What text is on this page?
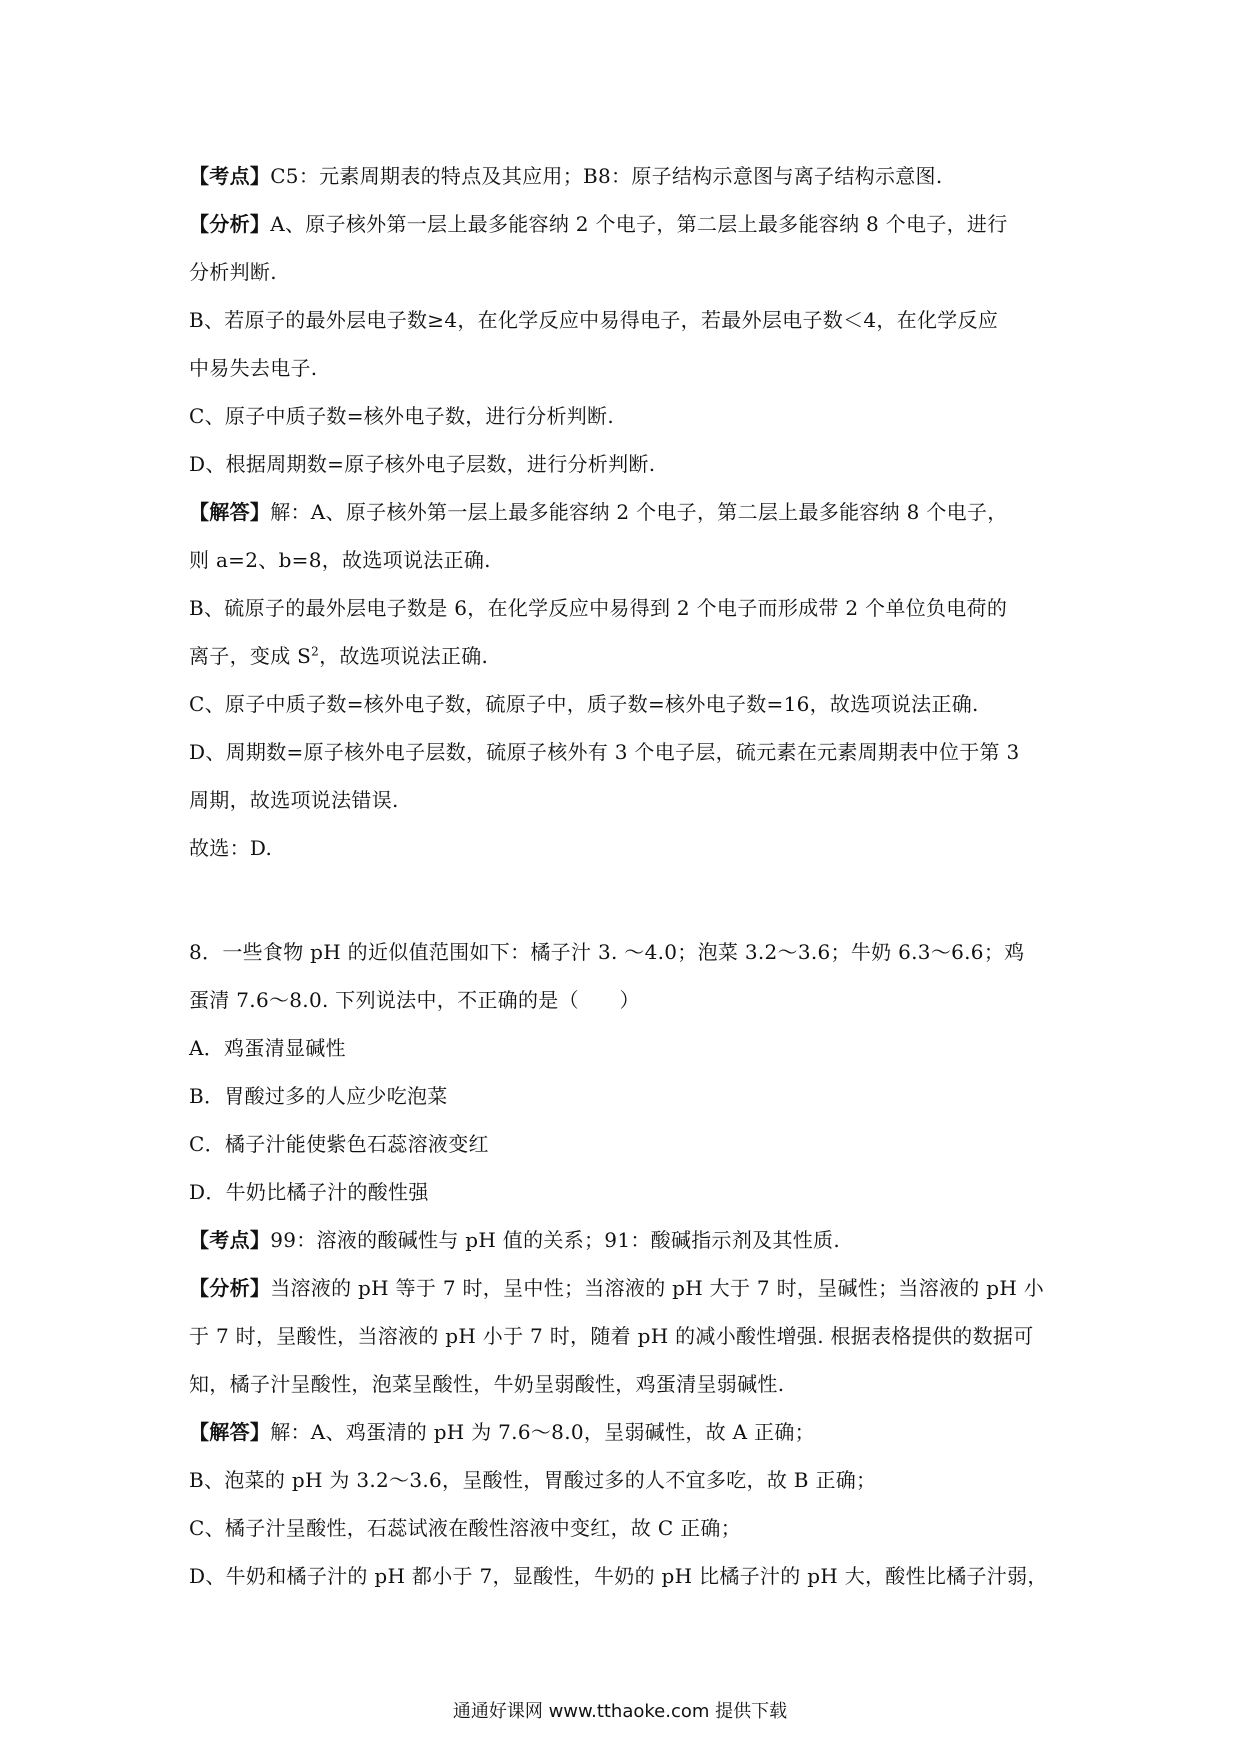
【考点】C5：元素周期表的特点及其应用；B8：原子结构示意图与离子结构示意图.
【分析】A、原子核外第一层上最多能容纳 2 个电子，第二层上最多能容纳 8 个电子，进行
分析判断.
B、若原子的最外层电子数≥4，在化学反应中易得电子，若最外层电子数＜4，在化学反应
中易失去电子.
C、原子中质子数=核外电子数，进行分析判断.
D、根据周期数=原子核外电子层数，进行分析判断.
【解答】解：A、原子核外第一层上最多能容纳 2 个电子，第二层上最多能容纳 8 个电子，
则 a=2、b=8，故选项说法正确.
B、硫原子的最外层电子数是 6，在化学反应中易得到 2 个电子而形成带 2 个单位负电荷的
离子，变成 $S^2$，故选项说法正确.
C、原子中质子数=核外电子数，硫原子中，质子数=核外电子数=16，故选项说法正确.
D、周期数=原子核外电子层数，硫原子核外有 3 个电子层，硫元素在元素周期表中位于第 3
周期，故选项说法错误.
故选：D.
8．一些食物 pH 的近似值范围如下：橘子汁 3. ～4.0；泡菜 3.2～3.6；牛奶 6.3～6.6；鸡
蛋清 7.6～8.0. 下列说法中，不正确的是（　　）
A．鸡蛋清显碱性
B．胃酸过多的人应少吃泡菜
C．橘子汁能使紫色石蕊溶液变红
D．牛奶比橘子汁的酸性强
【考点】99：溶液的酸碱性与 pH 值的关系；91：酸碱指示剂及其性质.
【分析】当溶液的 pH 等于 7 时，呈中性；当溶液的 pH 大于 7 时，呈碱性；当溶液的 pH 小
于 7 时，呈酸性，当溶液的 pH 小于 7 时，随着 pH 的减小酸性增强. 根据表格提供的数据可
知，橘子汁呈酸性，泡菜呈酸性，牛奶呈弱酸性，鸡蛋清呈弱碱性.
【解答】解：A、鸡蛋清的 pH 为 7.6～8.0，呈弱碱性，故 A 正确；
B、泡菜的 pH 为 3.2～3.6，呈酸性，胃酸过多的人不宜多吃，故 B 正确；
C、橘子汁呈酸性，石蕊试液在酸性溶液中变红，故 C 正确；
D、牛奶和橘子汁的 pH 都小于 7，显酸性，牛奶的 pH 比橘子汁的 pH 大，酸性比橘子汁弱，
通通好课网 www.tthaoke.com 提供下载
